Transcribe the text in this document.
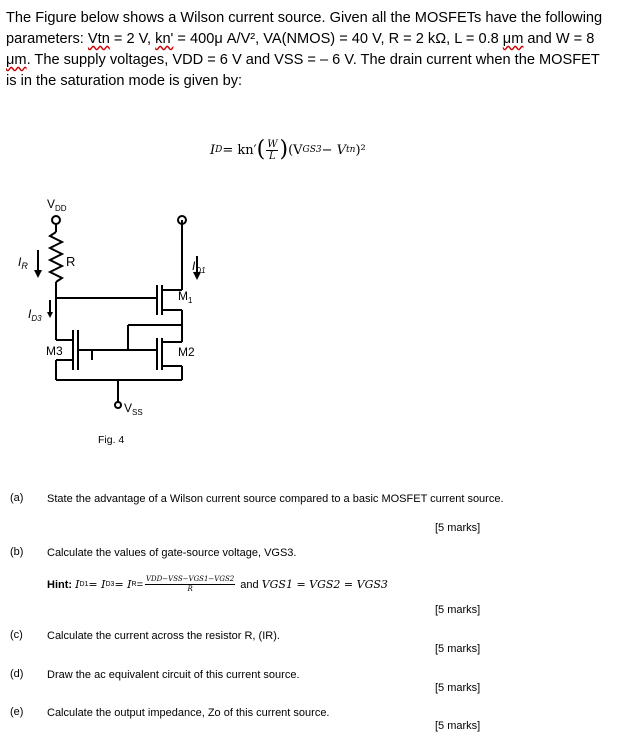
The Figure below shows a Wilson current source. Given all the MOSFETs have the following parameters: Vtn = 2 V, kn' = 400μ A/V², VA(NMOS) = 40 V, R = 2 kΩ, L = 0.8 μm and W = 8 μm. The supply voltages, VDD = 6 V and VSS = – 6 V. The drain current when the MOSFET is in the saturation mode is given by:
I D = kn′ ( $\frac{W}{L}$ ) (V GS3 − V tn )²
$V_{DD}$
$I_R$	R
$I_{D3}$
$I_{D1}$
$M_1$
M2
M3
$V_{SS}$
Fig. 4
(a) State the advantage of a Wilson current source compared to a basic MOSFET current source.
[5 marks]
(b) Calculate the values of gate-source voltage, VGS3.
Hint:
I D1 = I D3 = I $R = \frac{\text{VDD−VSS−VGS1−VGS2}}{R}$
and
VGS1 = VGS2 = VGS3
[5 marks]
(c) Calculate the current across the resistor R, (IR).
[5 marks]
(d) Draw the ac equivalent circuit of this current source.
[5 marks]
(e) Calculate the output impedance, Zo of this current source.
[5 marks]
